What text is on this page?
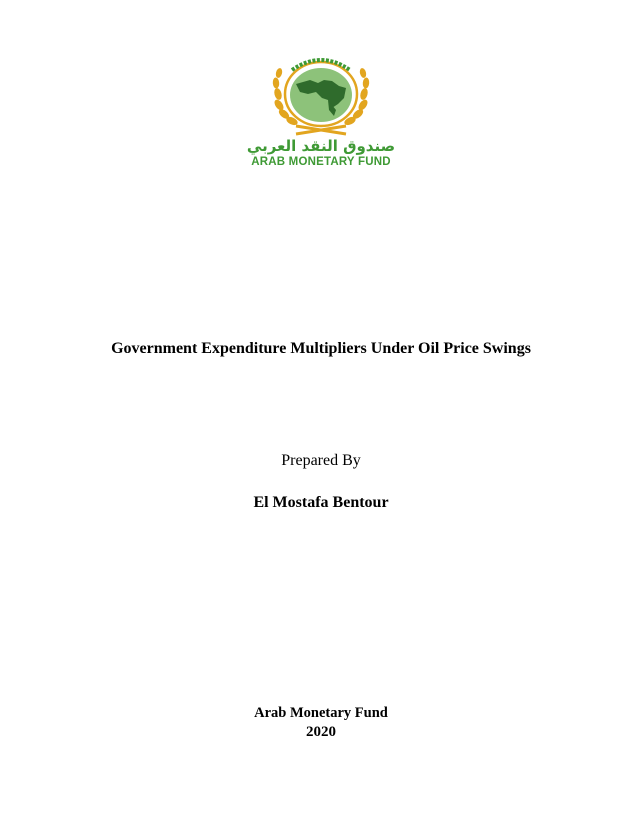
صندوق النقد العربي
ARAB MONETARY FUND
Government Expenditure Multipliers Under Oil Price Swings
Prepared By
El Mostafa Bentour
Arab Monetary Fund
2020
